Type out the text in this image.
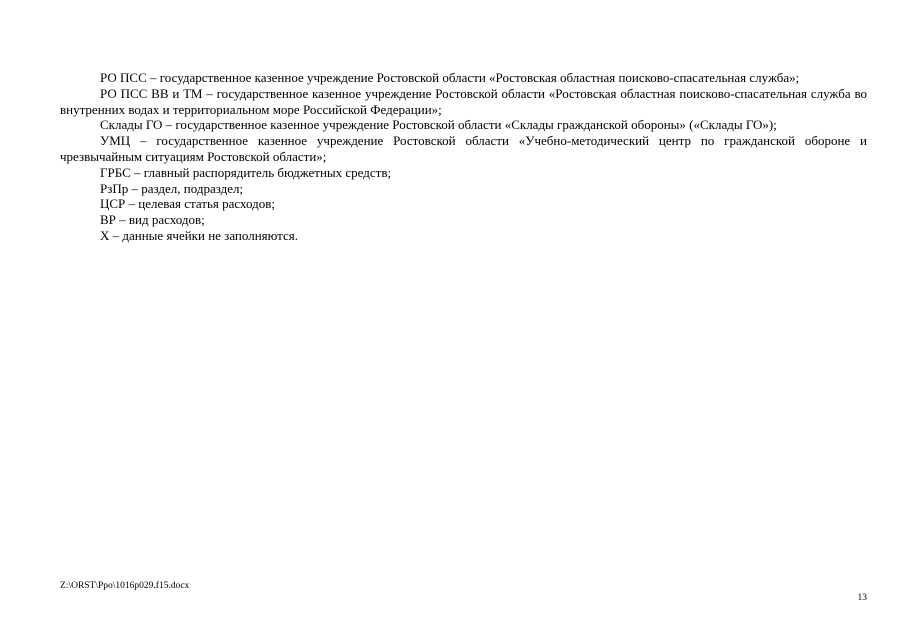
РО ПСС – государственное казенное учреждение Ростовской области «Ростовская областная поисково-спасательная служба»;

РО ПСС ВВ и ТМ – государственное казенное учреждение Ростовской области «Ростовская областная поисково-спасательная служба во внутренних водах и территориальном море Российской Федерации»;

Склады ГО – государственное казенное учреждение Ростовской области «Склады гражданской обороны» («Склады ГО»);

УМЦ – государственное казенное учреждение Ростовской области «Учебно-методический центр по гражданской обороне и чрезвычайным ситуациям Ростовской области»;

ГРБС – главный распорядитель бюджетных средств;

РзПр – раздел, подраздел;

ЦСР – целевая статья расходов;

ВР – вид расходов;

Х – данные ячейки не заполняются.

Z:\ORST\Ppo\1016p029.f15.docx
13
